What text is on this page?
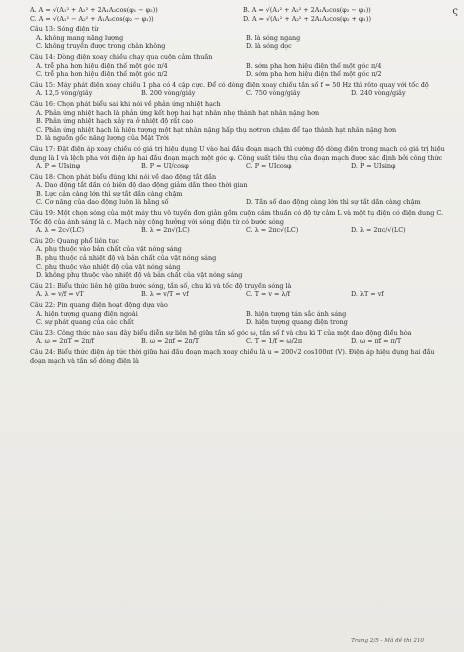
ς
A. A = √(A₁² + A₂² + 2A₁A₂cos(φ₁ − φ₂))	B. A = √(A₁² + A₂² + 2A₁A₂cos(φ₂ − φ₁))
C. A = √(A₁² − A₂² + A₁A₂cos(φ₂ − φ₁))	D. A = √(A₁² + A₂² + 2A₁A₂cos(φ₂ + φ₁))
Câu 13: Sóng điện từ
A. không mang năng lượng	B. là sóng ngang
C. không truyền được trong chân không	D. là sóng dọc
Câu 14: Dòng điện xoay chiều chạy qua cuộn cảm thuần
A. trễ pha hơn hiệu điện thế một góc π/4	B. sớm pha hơn hiệu điện thế một góc π/4
C. trễ pha hơn hiệu điện thế một góc π/2	D. sớm pha hơn hiệu điện thế một góc π/2
Câu 15: Máy phát điện xoay chiều 1 pha có 4 cặp cực. Để có dòng điện xoay chiều tần số f = 50 Hz thì rôto quay với tốc độ
A. 12,5 vòng/giây	B. 200 vòng/giây	C. 750 vòng/giây	D. 240 vòng/giây
Câu 16: Chọn phát biểu sai khi nói về phản ứng nhiệt hạch
A. Phản ứng nhiệt hạch là phản ứng kết hợp hai hạt nhân nhẹ thành hạt nhân nặng hơn
B. Phản ứng nhiệt hạch xảy ra ở nhiệt độ rất cao
C. Phản ứng nhiệt hạch là hiện tượng một hạt nhân nặng hấp thụ nơtron chậm để tạo thành hạt nhân nặng hơn
D. là nguồn gốc năng lượng của Mặt Trời
Câu 17: Đặt điện áp xoay chiều có giá trị hiệu dụng U vào hai đầu đoạn mạch thì cường độ dòng điện trong mạch có giá trị hiệu dụng là I và lệch pha với điện áp hai đầu đoạn mạch một góc φ. Công suất tiêu thụ của đoạn mạch được xác định bởi công thức
A. P = UIsinφ	B. P = UI/cosφ	C. P = UIcosφ	D. P = UIsinφ
Câu 18: Chọn phát biểu đúng khi nói về dao động tắt dần
A. Dao động tắt dần có biên độ dao động giảm dần theo thời gian
B. Lực cản càng lớn thì sự tắt dần càng chậm
C. Cơ năng của dao động luôn là hằng số	D. Tần số dao động càng lớn thì sự tắt dần càng chậm
Câu 19: Một chọn sóng của một máy thu vô tuyến đơn giản gồm cuộn cảm thuần có độ tự cảm L và một tụ điện có điện dung C. Tốc độ của ánh sáng là c. Mạch này cộng hưởng với sóng điện từ có bước sóng
A. λ = 2c√(LC)	B. λ = 2π√(LC)	C. λ = 2πc√(LC)	D. λ = 2πc/√(LC)
Câu 20: Quang phổ liên tục
A. phụ thuộc vào bản chất của vật nóng sáng
B. phụ thuộc cả nhiệt độ và bản chất của vật nóng sáng
C. phụ thuộc vào nhiệt độ của vật nóng sáng
D. không phụ thuộc vào nhiệt độ và bản chất của vật nóng sáng
Câu 21: Biểu thức liên hệ giữa bước sóng, tần số, chu kì và tốc độ truyền sóng là
A. λ = v/f = vT	B. λ = v/T = vf	C. T = v = λ/f	D. λT = vf
Câu 22: Pin quang điện hoạt động dựa vào
A. hiện tượng quang điện ngoài	B. hiện tượng tán sắc ánh sáng
C. sự phát quang của các chất	D. hiện tượng quang điện trong
Câu 23: Công thức nào sau đây biểu diễn sự liên hệ giữa tần số góc ω, tần số f và chu kì T của một dao động điều hòa
A. ω = 2πT = 2π/f	B. ω = 2πf = 2π/T	C. T = 1/f = ω/2π	D. ω = πf = π/T
Câu 24: Biểu thức điện áp tức thời giữa hai đầu đoạn mạch xoay chiều là u = 200√2 cos100πt (V). Điện áp hiệu dụng hai đầu đoạn mạch và tần số dòng điện là
Trang 2/5 - Mã đề thi 210
